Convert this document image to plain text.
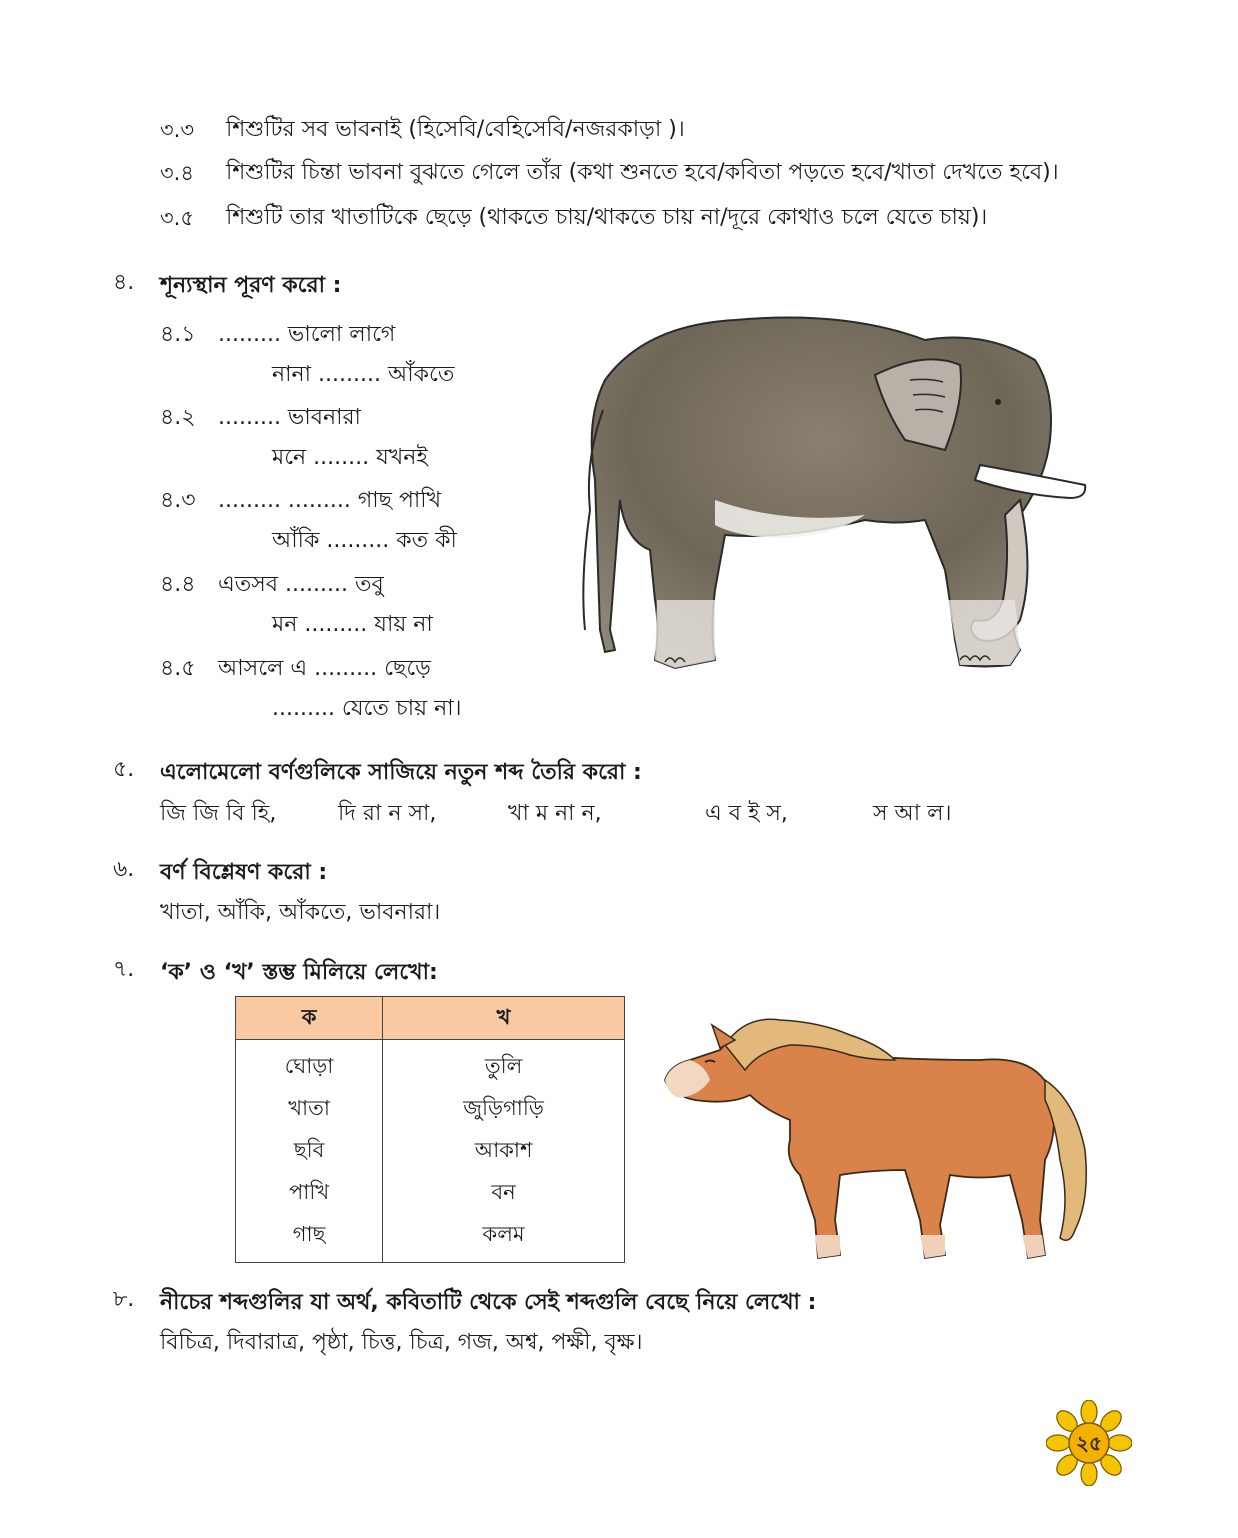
৩.৩ শিশুটির সব ভাবনাই (হিসেবি/বেহিসেবি/নজরকাড়া )।
৩.৪ শিশুটির চিন্তা ভাবনা বুঝতে গেলে তাঁর (কথা শুনতে হবে/কবিতা পড়তে হবে/খাতা দেখতে হবে)।
৩.৫ শিশুটি তার খাতাটিকে ছেড়ে (থাকতে চায়/থাকতে চায় না/দূরে কোথাও চলে যেতে চায়)।
৪. শূন্যস্থান পূরণ করো :
৪.১ ......... ভালো লাগে
নানা ......... আঁকতে
৪.২ ......... ভাবনারা
মনে ........ যখনই
৪.৩ ......... ......... গাছ পাখি
আঁকি ......... কত কী
৪.৪ এতসব ......... তবু
মন ......... যায় না
৪.৫ আসলে এ ......... ছেড়ে
......... যেতে চায় না।
৫. এলোমেলো বর্ণগুলিকে সাজিয়ে নতুন শব্দ তৈরি করো :
জি জি বি হি,	দি রা ন সা,	খা ম না ন,	এ ব ই স,	স আ ল।
৬. বর্ণ বিশ্লেষণ করো :
খাতা, আঁকি, আঁকতে, ভাবনারা।
৭. ‘ক’ ও ‘খ’ স্তম্ভ মিলিয়ে লেখো:
ক	খ
ঘোড়া	তুলি
খাতা	জুড়িগাড়ি
ছবি	আকাশ
পাখি	বন
গাছ	কলম
৮. নীচের শব্দগুলির যা অর্থ, কবিতাটি থেকে সেই শব্দগুলি বেছে নিয়ে লেখো :
বিচিত্র, দিবারাত্র, পৃষ্ঠা, চিত্ত, চিত্র, গজ, অশ্ব, পক্ষী, বৃক্ষ।
২৫
